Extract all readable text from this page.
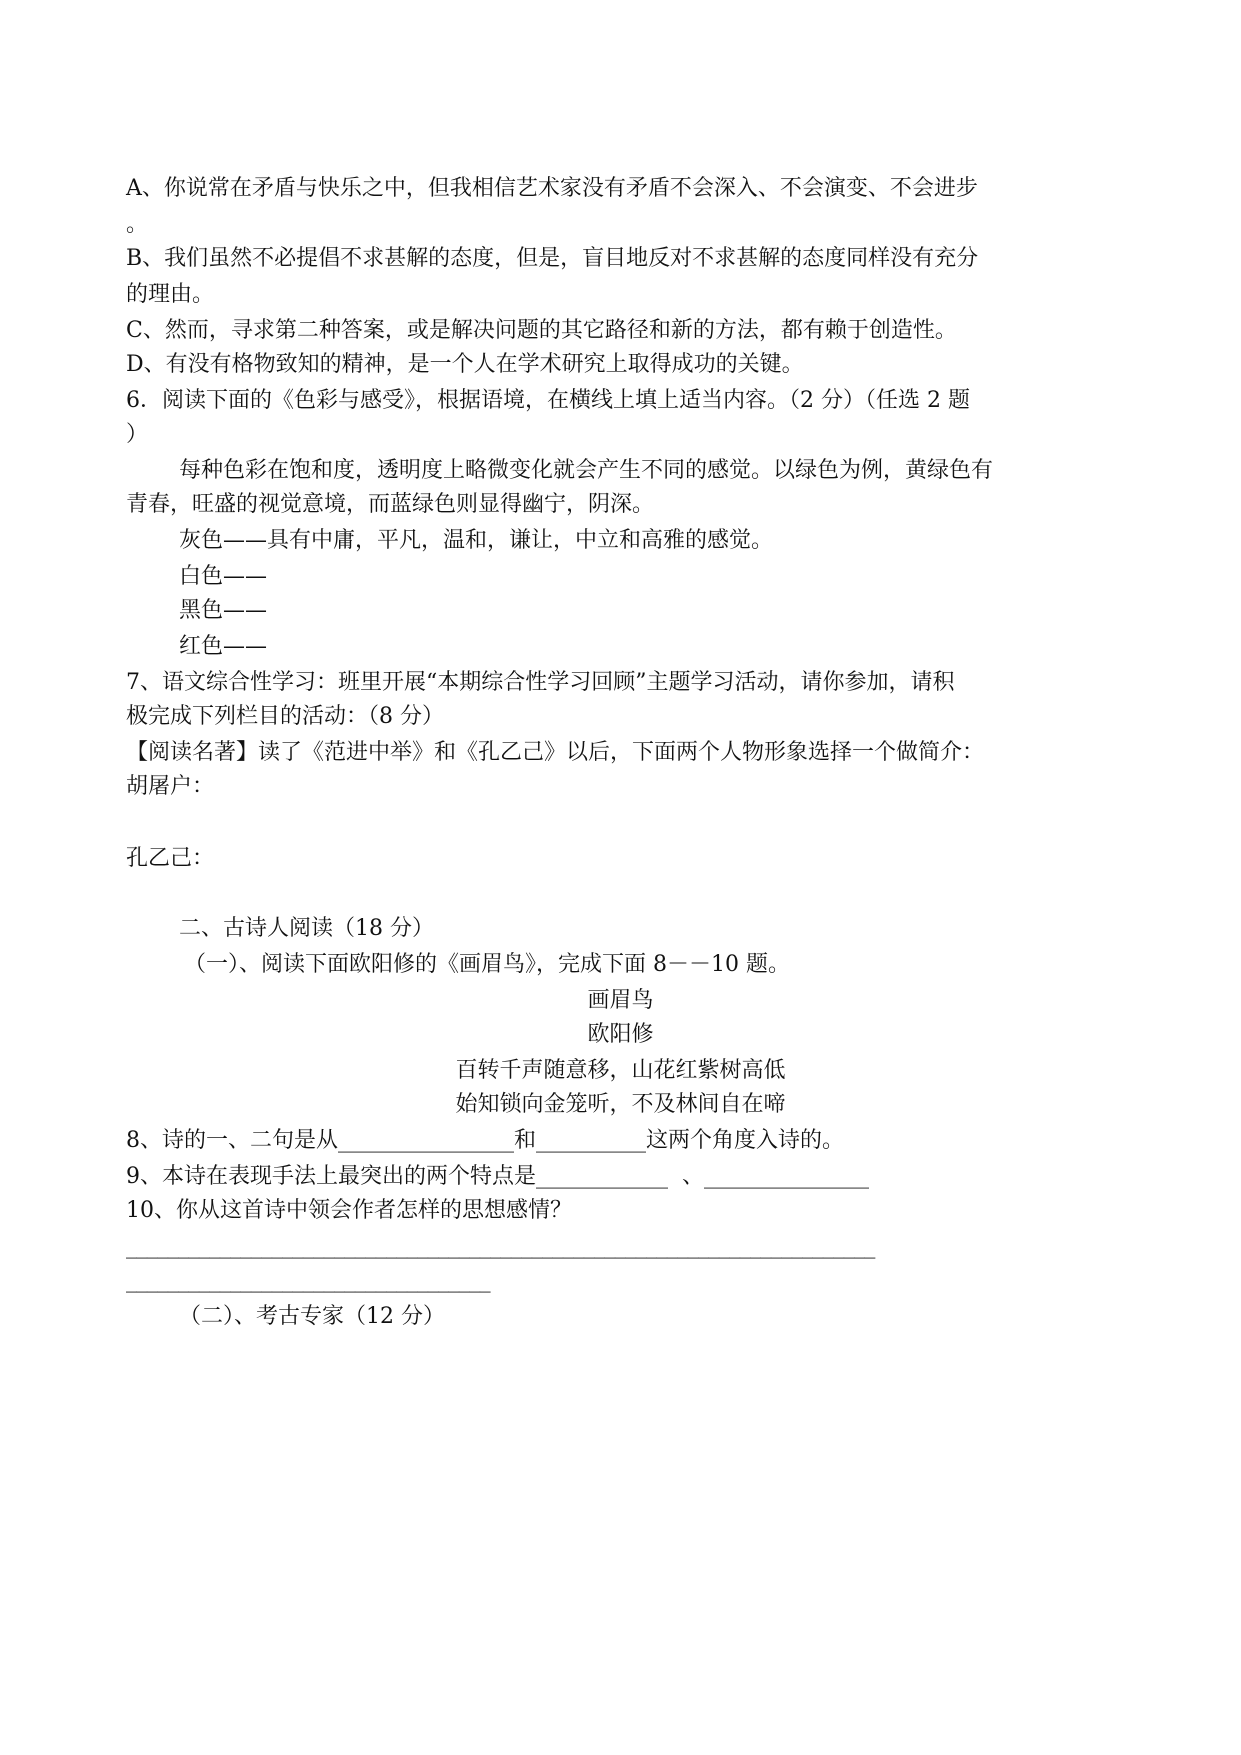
A、你说常在矛盾与快乐之中，但我相信艺术家没有矛盾不会深入、不会演变、不会进步
。
B、我们虽然不必提倡不求甚解的态度，但是，盲目地反对不求甚解的态度同样没有充分
的理由。
C、然而，寻求第二种答案，或是解决问题的其它路径和新的方法，都有赖于创造性。
D、有没有格物致知的精神，是一个人在学术研究上取得成功的关键。
6．阅读下面的《色彩与感受》，根据语境，在横线上填上适当内容。（2 分）（任选 2 题
）
每种色彩在饱和度，透明度上略微变化就会产生不同的感觉。以绿色为例，黄绿色有
青春，旺盛的视觉意境，而蓝绿色则显得幽宁，阴深。
灰色——具有中庸，平凡，温和，谦让，中立和高雅的感觉。
白色——
黑色——
红色——
7、语文综合性学习：班里开展“本期综合性学习回顾”主题学习活动，请你参加，请积
极完成下列栏目的活动：（8 分）
【阅读名著】读了《范进中举》和《孔乙己》以后，下面两个人物形象选择一个做简介：
胡屠户：
孔乙己：
二、古诗人阅读（18 分）
（一）、阅读下面欧阳修的《画眉鸟》，完成下面 8－－10 题。
画眉鸟
欧阳修
百转千声随意移，山花红紫树高低
始知锁向金笼听，不及林间自在啼
8、诗的一、二句是从________________和__________这两个角度入诗的。
9、本诗在表现手法上最突出的两个特点是____________  、_______________
10、你从这首诗中领会作者怎样的思想感情？
________________________________________________________________________
___________________________________
（二）、考古专家（12 分）
